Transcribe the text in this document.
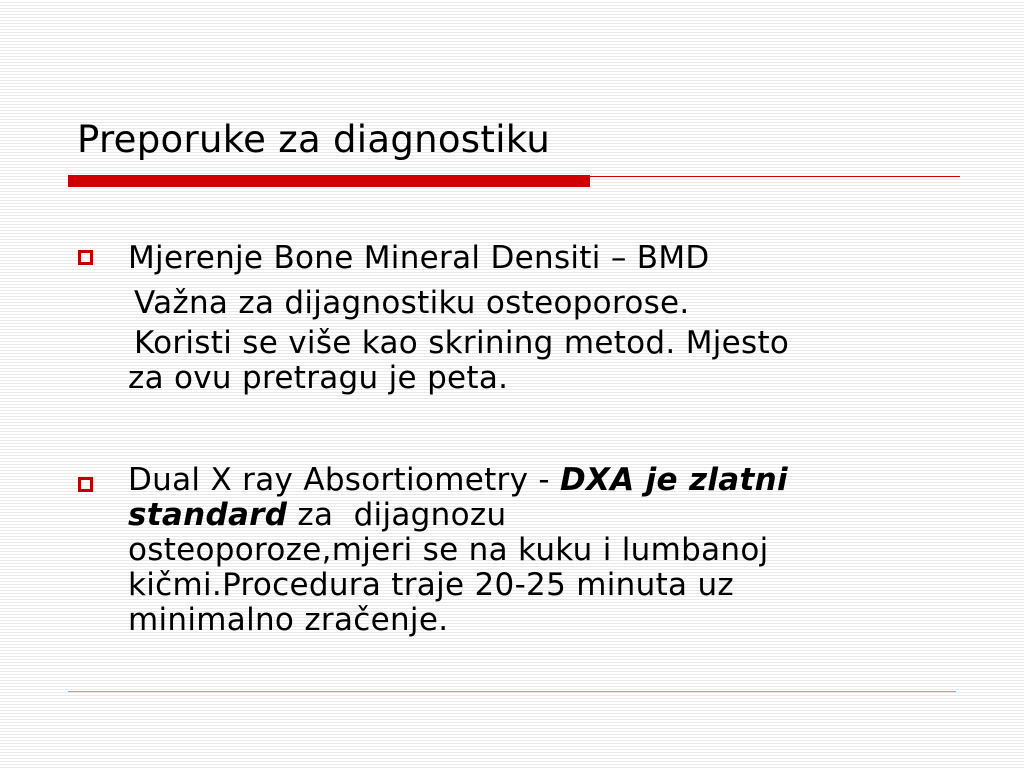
Preporuke za diagnostiku
Mjerenje Bone Mineral Densiti – BMD
Važna za dijagnostiku osteoporose.
Koristi se više kao skrining metod. Mjesto
za ovu pretragu je peta.
Dual X ray Absortiometry - DXA je zlatni
standard za  dijagnozu
osteoporoze,mjeri se na kuku i lumbanoj
kičmi.Procedura traje 20-25 minuta uz
minimalno zračenje.
